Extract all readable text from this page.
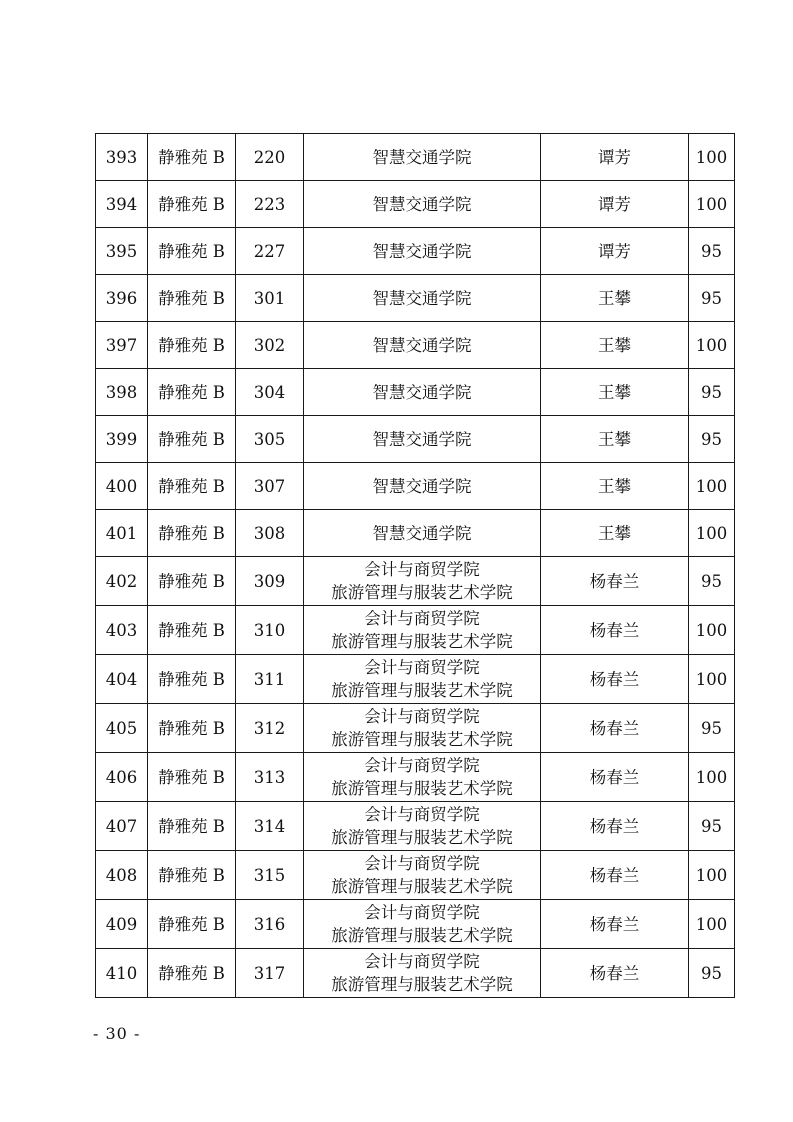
393	静雅苑 B	220	智慧交通学院	谭芳	100
394	静雅苑 B	223	智慧交通学院	谭芳	100
395	静雅苑 B	227	智慧交通学院	谭芳	95
396	静雅苑 B	301	智慧交通学院	王攀	95
397	静雅苑 B	302	智慧交通学院	王攀	100
398	静雅苑 B	304	智慧交通学院	王攀	95
399	静雅苑 B	305	智慧交通学院	王攀	95
400	静雅苑 B	307	智慧交通学院	王攀	100
401	静雅苑 B	308	智慧交通学院	王攀	100
402	静雅苑 B	309	会计与商贸学院
旅游管理与服装艺术学院	杨春兰	95
403	静雅苑 B	310	会计与商贸学院
旅游管理与服装艺术学院	杨春兰	100
404	静雅苑 B	311	会计与商贸学院
旅游管理与服装艺术学院	杨春兰	100
405	静雅苑 B	312	会计与商贸学院
旅游管理与服装艺术学院	杨春兰	95
406	静雅苑 B	313	会计与商贸学院
旅游管理与服装艺术学院	杨春兰	100
407	静雅苑 B	314	会计与商贸学院
旅游管理与服装艺术学院	杨春兰	95
408	静雅苑 B	315	会计与商贸学院
旅游管理与服装艺术学院	杨春兰	100
409	静雅苑 B	316	会计与商贸学院
旅游管理与服装艺术学院	杨春兰	100
410	静雅苑 B	317	会计与商贸学院
旅游管理与服装艺术学院	杨春兰	95
- 30 -
